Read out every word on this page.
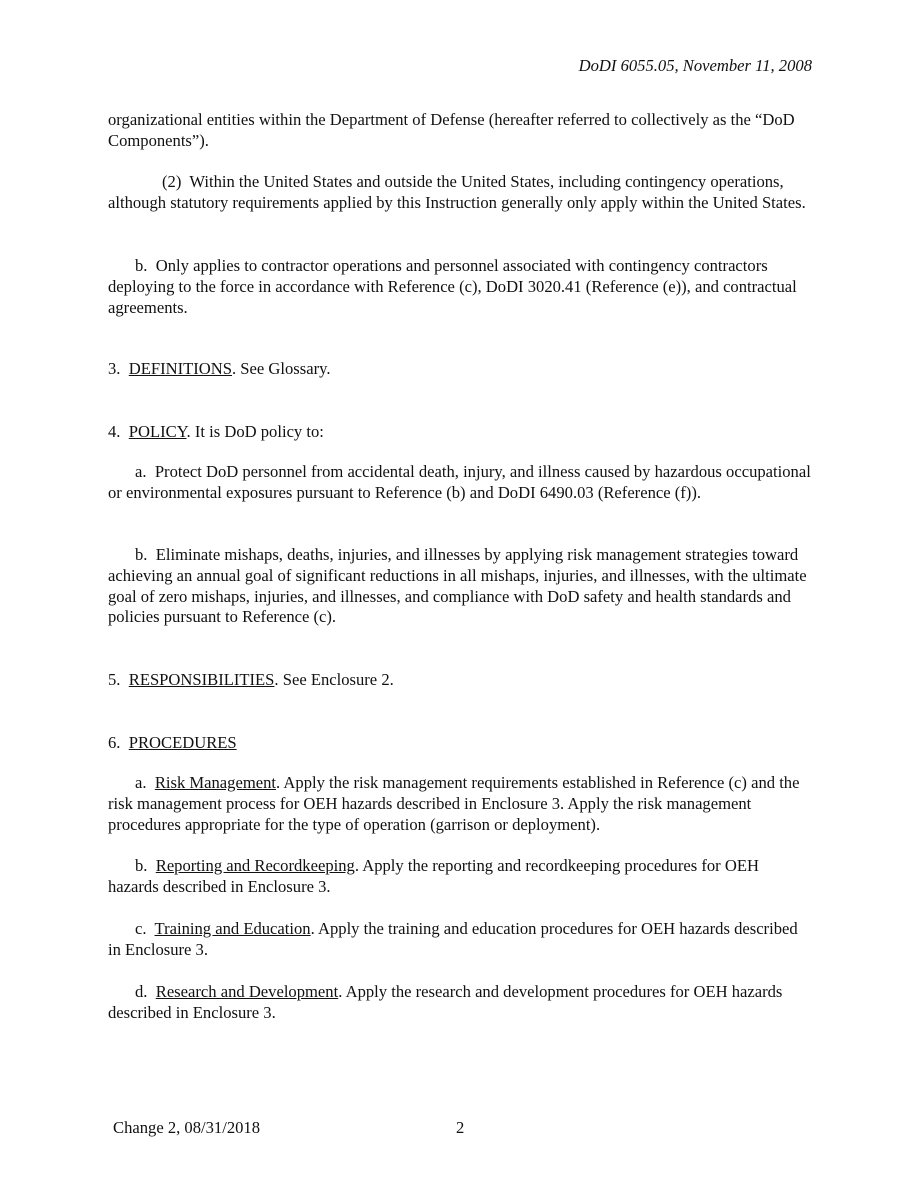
DoDI 6055.05, November 11, 2008

organizational entities within the Department of Defense (hereafter referred to collectively as the “DoD Components”).

(2) Within the United States and outside the United States, including contingency operations, although statutory requirements applied by this Instruction generally only apply within the United States.

b. Only applies to contractor operations and personnel associated with contingency contractors deploying to the force in accordance with Reference (c), DoDI 3020.41 (Reference (e)), and contractual agreements.

3. DEFINITIONS. See Glossary.

4. POLICY. It is DoD policy to:

a. Protect DoD personnel from accidental death, injury, and illness caused by hazardous occupational or environmental exposures pursuant to Reference (b) and DoDI 6490.03 (Reference (f)).

b. Eliminate mishaps, deaths, injuries, and illnesses by applying risk management strategies toward achieving an annual goal of significant reductions in all mishaps, injuries, and illnesses, with the ultimate goal of zero mishaps, injuries, and illnesses, and compliance with DoD safety and health standards and policies pursuant to Reference (c).

5. RESPONSIBILITIES. See Enclosure 2.

6. PROCEDURES

a. Risk Management. Apply the risk management requirements established in Reference (c) and the risk management process for OEH hazards described in Enclosure 3. Apply the risk management procedures appropriate for the type of operation (garrison or deployment).

b. Reporting and Recordkeeping. Apply the reporting and recordkeeping procedures for OEH hazards described in Enclosure 3.

c. Training and Education. Apply the training and education procedures for OEH hazards described in Enclosure 3.

d. Research and Development. Apply the research and development procedures for OEH hazards described in Enclosure 3.

Change 2, 08/31/2018	2
